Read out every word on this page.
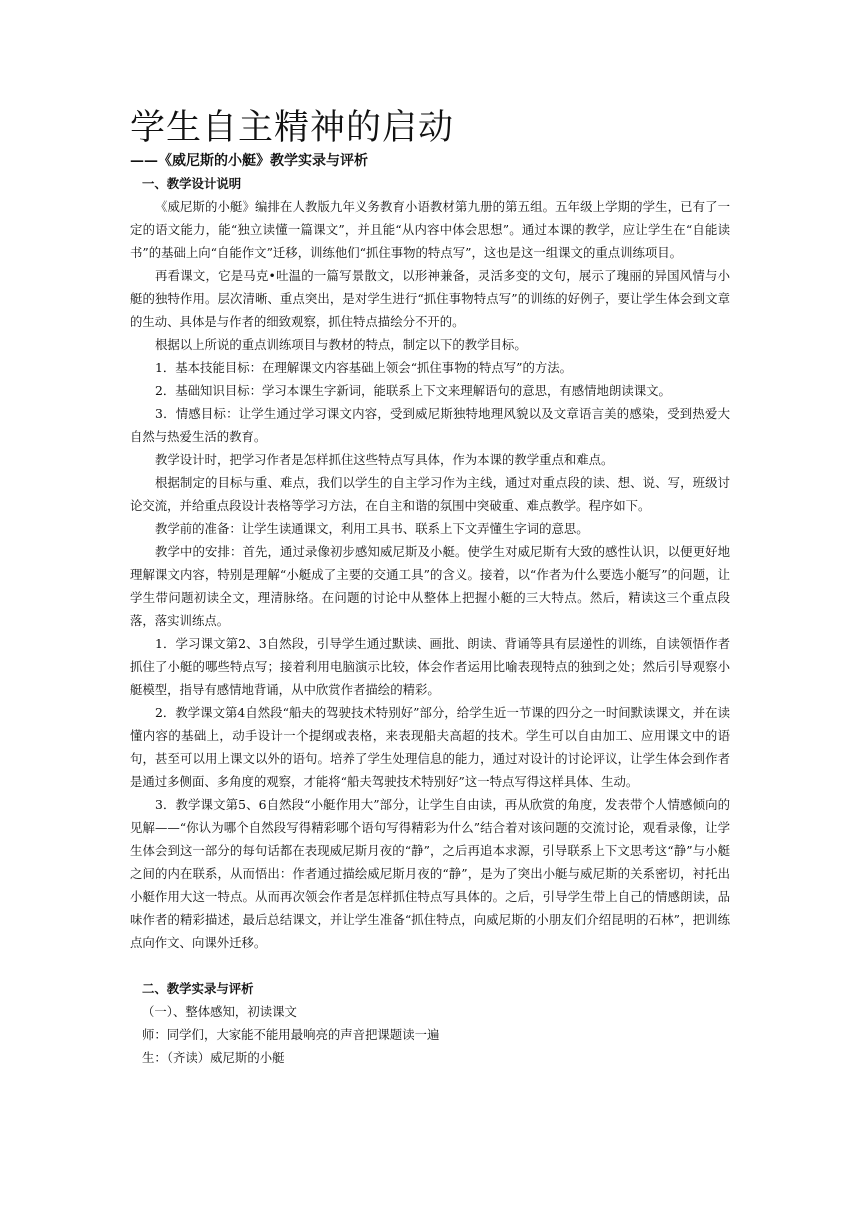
学生自主精神的启动
——《威尼斯的小艇》教学实录与评析

一、教学设计说明

《威尼斯的小艇》编排在人教版九年义务教育小语教材第九册的第五组。五年级上学期的学生，已有了一定的语文能力，能“独立读懂一篇课文”，并且能“从内容中体会思想”。通过本课的教学，应让学生在“自能读书”的基础上向“自能作文”迁移，训练他们“抓住事物的特点写”，这也是这一组课文的重点训练项目。

再看课文，它是马克•吐温的一篇写景散文，以形神兼备，灵活多变的文句，展示了瑰丽的异国风情与小艇的独特作用。层次清晰、重点突出，是对学生进行“抓住事物特点写”的训练的好例子，要让学生体会到文章的生动、具体是与作者的细致观察，抓住特点描绘分不开的。

根据以上所说的重点训练项目与教材的特点，制定以下的教学目标。

1．基本技能目标：在理解课文内容基础上领会“抓住事物的特点写”的方法。

2．基础知识目标：学习本课生字新词，能联系上下文来理解语句的意思，有感情地朗读课文。

3．情感目标：让学生通过学习课文内容，受到威尼斯独特地理风貌以及文章语言美的感染，受到热爱大自然与热爱生活的教育。

教学设计时，把学习作者是怎样抓住这些特点写具体，作为本课的教学重点和难点。

根据制定的目标与重、难点，我们以学生的自主学习作为主线，通过对重点段的读、想、说、写，班级讨论交流，并给重点段设计表格等学习方法，在自主和谐的氛围中突破重、难点教学。程序如下。

教学前的准备：让学生读通课文，利用工具书、联系上下文弄懂生字词的意思。

教学中的安排：首先，通过录像初步感知威尼斯及小艇。使学生对威尼斯有大致的感性认识，以便更好地理解课文内容，特别是理解“小艇成了主要的交通工具”的含义。接着，以“作者为什么要选小艇写”的问题，让学生带问题初读全文，理清脉络。在问题的讨论中从整体上把握小艇的三大特点。然后，精读这三个重点段落，落实训练点。

1．学习课文第2、3自然段，引导学生通过默读、画批、朗读、背诵等具有层递性的训练，自读领悟作者抓住了小艇的哪些特点写；接着利用电脑演示比较，体会作者运用比喻表现特点的独到之处；然后引导观察小艇模型，指导有感情地背诵，从中欣赏作者描绘的精彩。

2．教学课文第4自然段“船夫的驾驶技术特别好”部分，给学生近一节课的四分之一时间默读课文，并在读懂内容的基础上，动手设计一个提纲或表格，来表现船夫高超的技术。学生可以自由加工、应用课文中的语句，甚至可以用上课文以外的语句。培养了学生处理信息的能力，通过对设计的讨论评议，让学生体会到作者是通过多侧面、多角度的观察，才能将“船夫驾驶技术特别好”这一特点写得这样具体、生动。

3．教学课文第5、6自然段“小艇作用大”部分，让学生自由读，再从欣赏的角度，发表带个人情感倾向的见解——“你认为哪个自然段写得精彩哪个语句写得精彩为什么”结合着对该问题的交流讨论，观看录像，让学生体会到这一部分的每句话都在表现威尼斯月夜的“静”，之后再追本求源，引导联系上下文思考这“静”与小艇之间的内在联系，从而悟出：作者通过描绘威尼斯月夜的“静”，是为了突出小艇与威尼斯的关系密切，衬托出小艇作用大这一特点。从而再次领会作者是怎样抓住特点写具体的。之后，引导学生带上自己的情感朗读，品味作者的精彩描述，最后总结课文，并让学生准备“抓住特点，向威尼斯的小朋友们介绍昆明的石林”，把训练点向作文、向课外迁移。

二、教学实录与评析

（一）、整体感知，初读课文

师：同学们，大家能不能用最响亮的声音把课题读一遍

生：（齐读）威尼斯的小艇
